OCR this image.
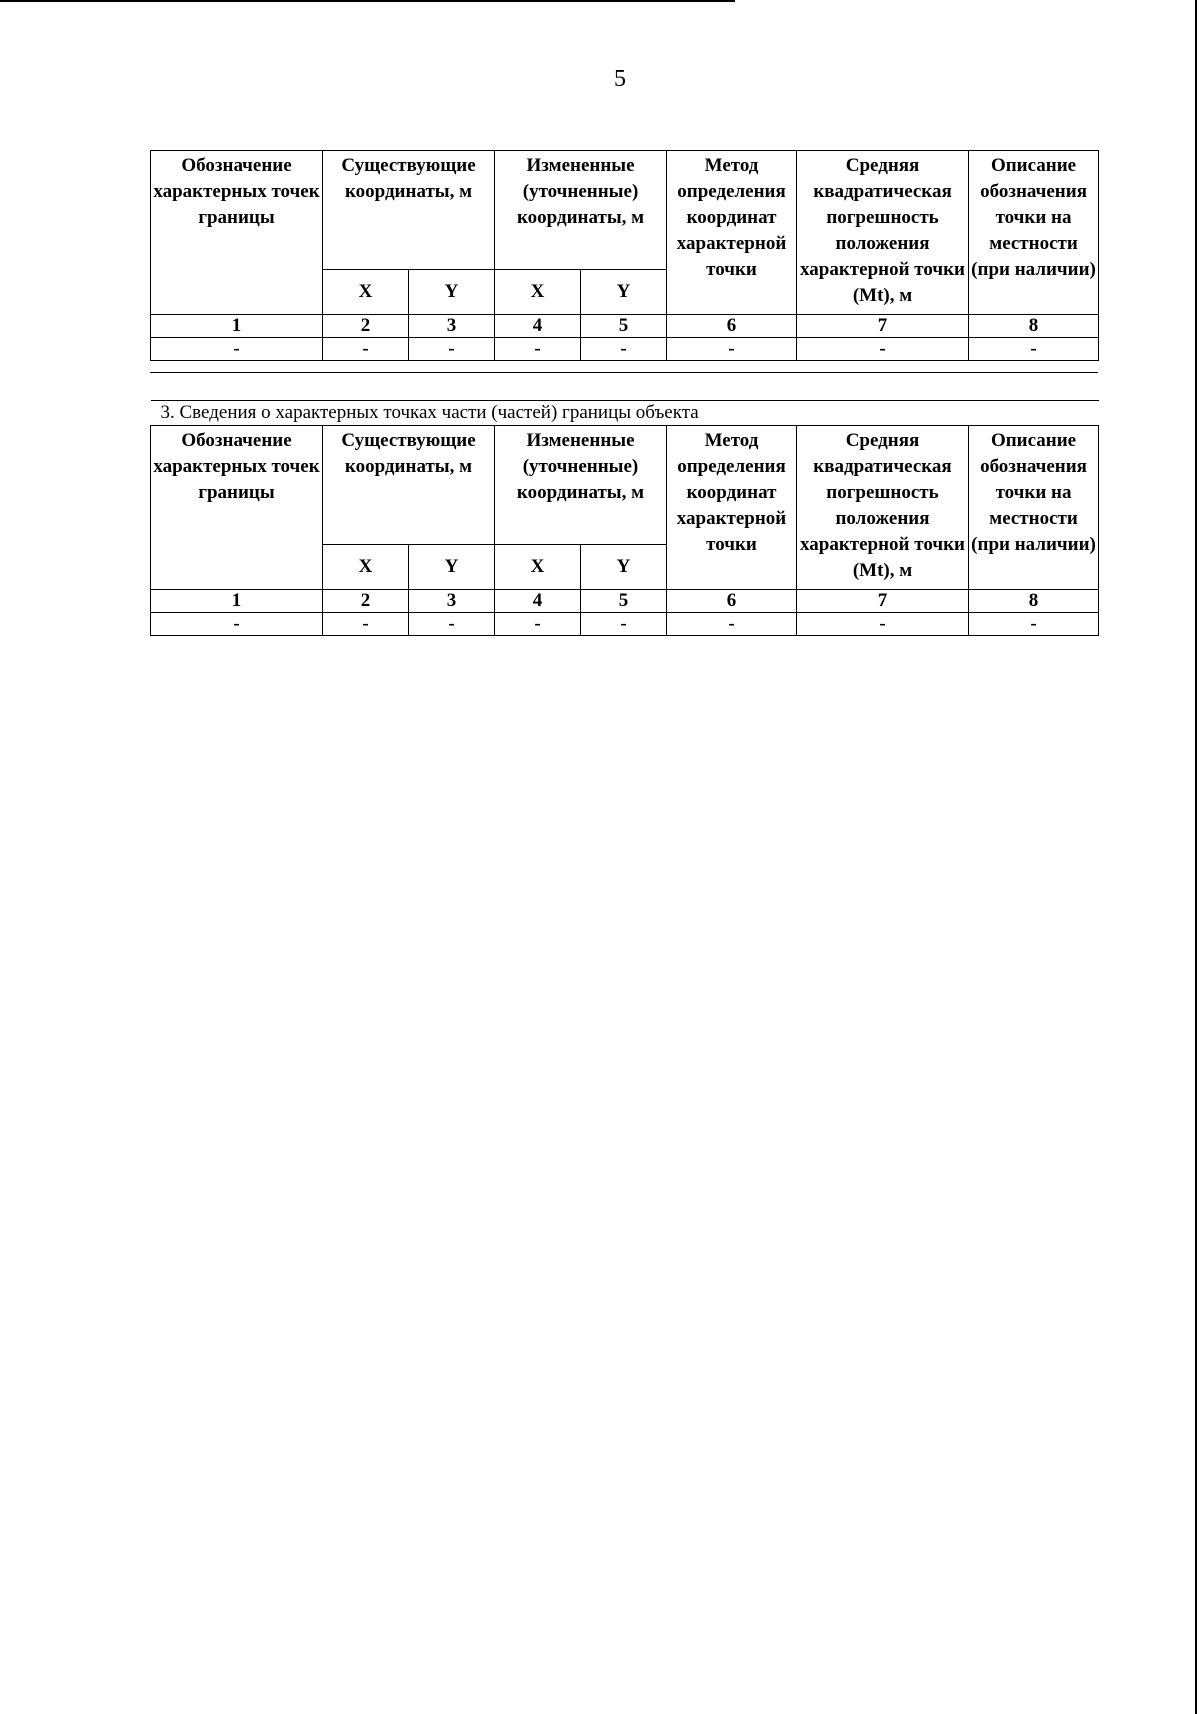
5
Обозначение характерных точек границы	Существующие координаты, м		Измененные (уточненные) координаты, м		Метод определения координат характерной точки	Средняя квадратическая погрешность положения характерной точки (Mt), м	Описание обозначения точки на местности (при наличии)
	X	Y	X	Y			
1	2	3	4	5	6	7	8
-	-	-	-	-	-	-	-
3. Сведения о характерных точках части (частей) границы объекта							
Обозначение характерных точек границы	Существующие координаты, м		Измененные (уточненные) координаты, м		Метод определения координат характерной точки	Средняя квадратическая погрешность положения характерной точки (Mt), м	Описание обозначения точки на местности (при наличии)
	X	Y	X	Y			
1	2	3	4	5	6	7	8
-	-	-	-	-	-	-	-
